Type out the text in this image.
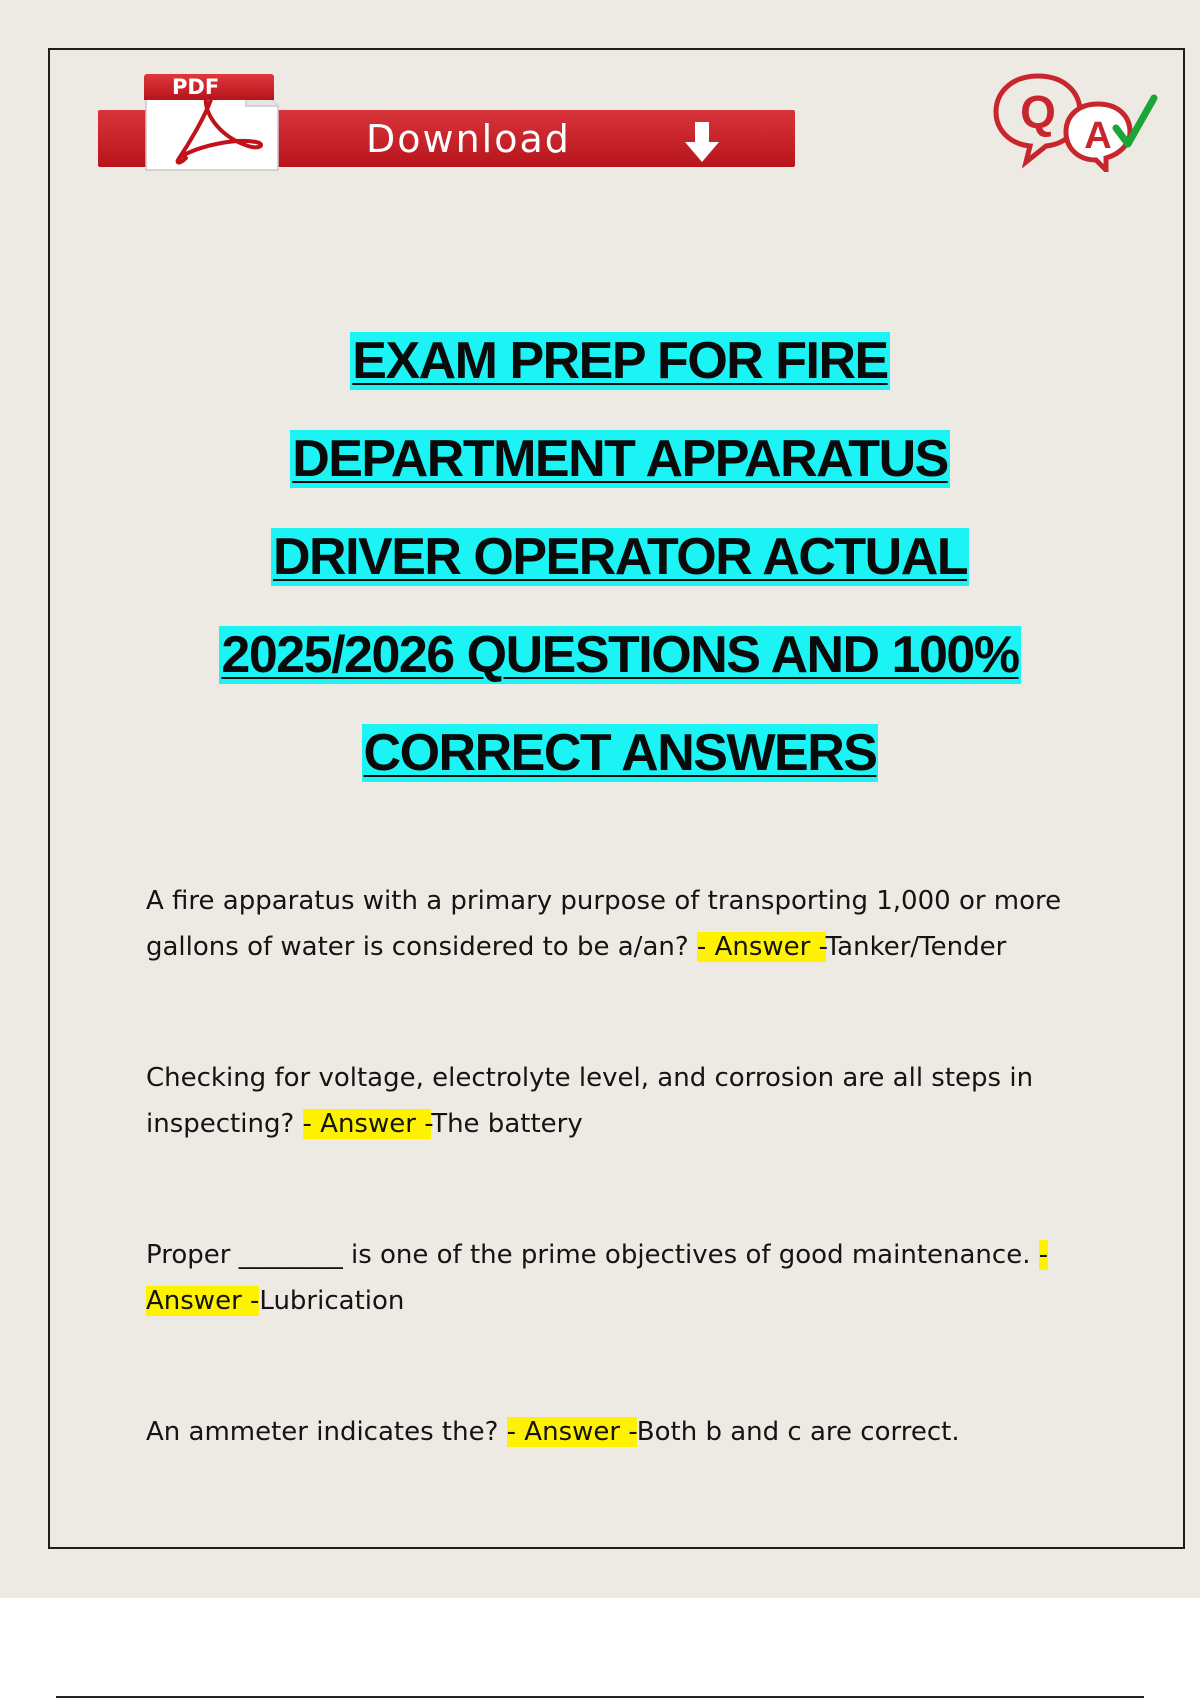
PDF
Download
Q A
EXAM PREP FOR FIRE
DEPARTMENT APPARATUS
DRIVER OPERATOR ACTUAL
2025/2026 QUESTIONS AND 100%
CORRECT ANSWERS

A fire apparatus with a primary purpose of transporting 1,000 or more gallons of water is considered to be a/an? - Answer -Tanker/Tender

Checking for voltage, electrolyte level, and corrosion are all steps in inspecting? - Answer -The battery

Proper ________ is one of the prime objectives of good maintenance. - Answer -Lubrication

An ammeter indicates the? - Answer -Both b and c are correct.
